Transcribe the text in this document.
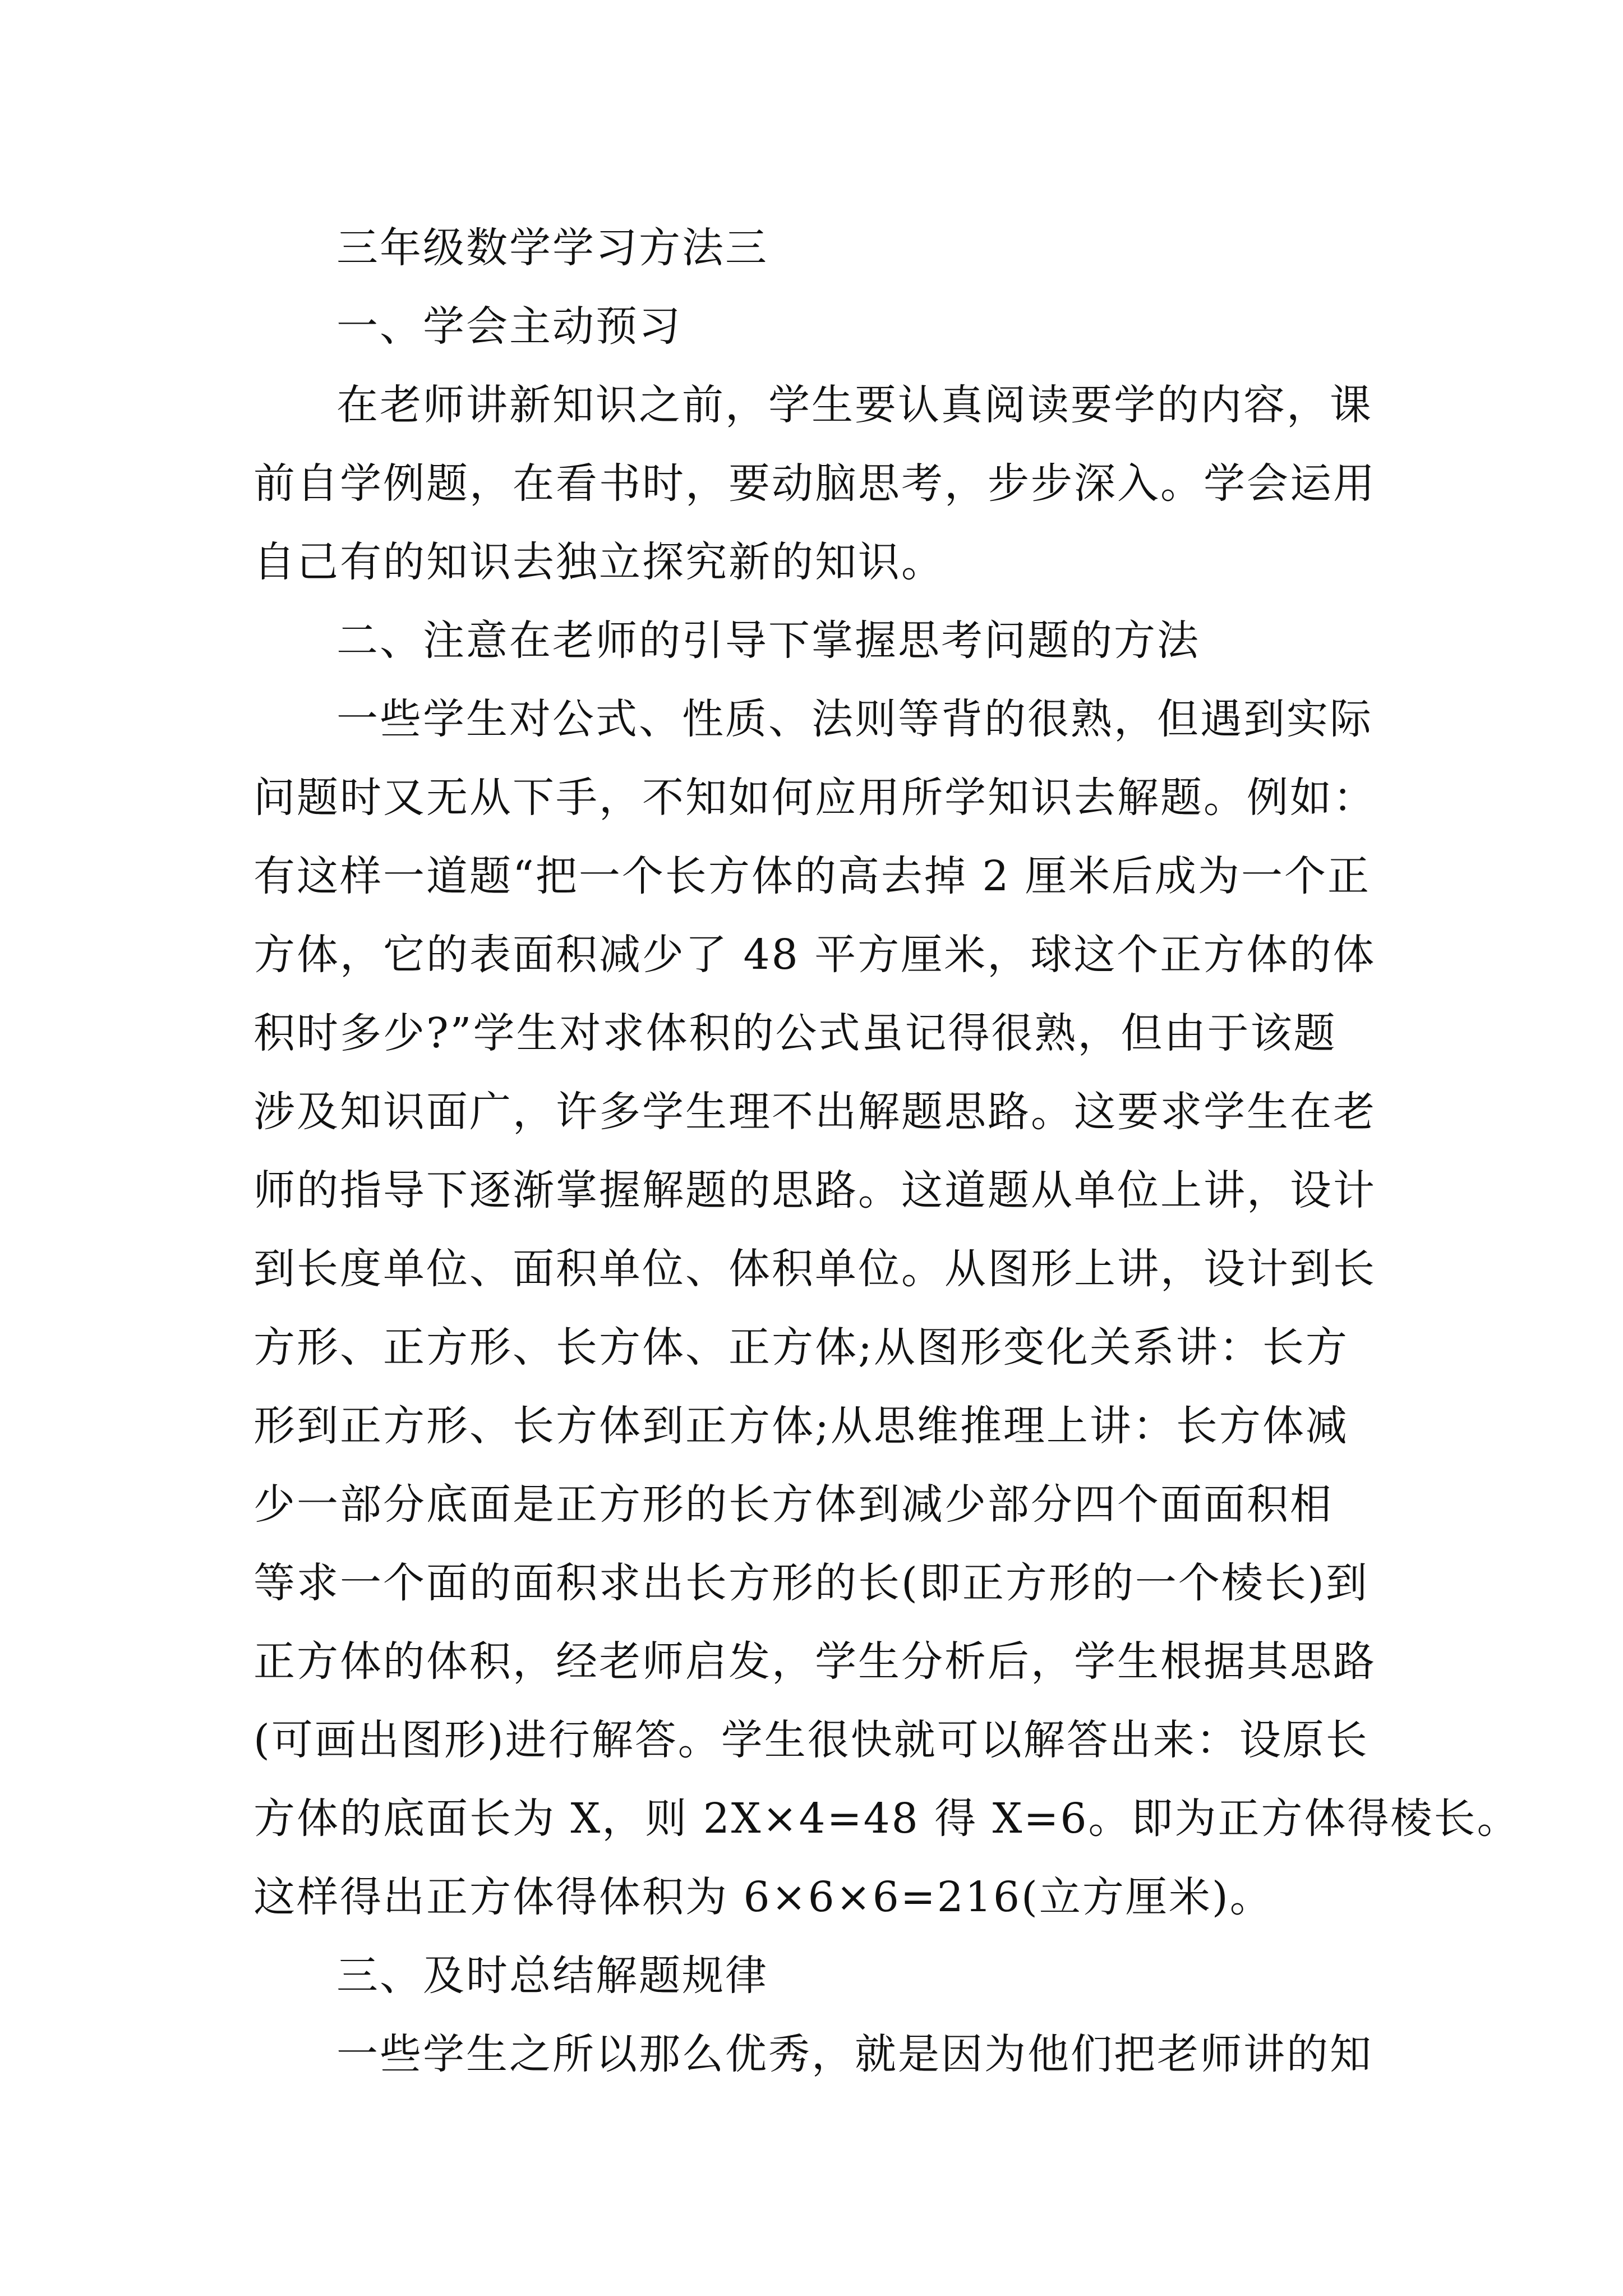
三年级数学学习方法三
一、学会主动预习
在老师讲新知识之前，学生要认真阅读要学的内容，课
前自学例题，在看书时，要动脑思考，步步深入。学会运用
自己有的知识去独立探究新的知识。
二、注意在老师的引导下掌握思考问题的方法
一些学生对公式、性质、法则等背的很熟，但遇到实际
问题时又无从下手，不知如何应用所学知识去解题。例如：
有这样一道题“把一个长方体的高去掉 2 厘米后成为一个正
方体，它的表面积减少了 48 平方厘米，球这个正方体的体
积时多少?”学生对求体积的公式虽记得很熟，但由于该题
涉及知识面广，许多学生理不出解题思路。这要求学生在老
师的指导下逐渐掌握解题的思路。这道题从单位上讲，设计
到长度单位、面积单位、体积单位。从图形上讲，设计到长
方形、正方形、长方体、正方体;从图形变化关系讲：长方
形到正方形、长方体到正方体;从思维推理上讲：长方体减
少一部分底面是正方形的长方体到减少部分四个面面积相
等求一个面的面积求出长方形的长(即正方形的一个棱长)到
正方体的体积，经老师启发，学生分析后，学生根据其思路
(可画出图形)进行解答。学生很快就可以解答出来：设原长
方体的底面长为 X，则 2X×4=48 得 X=6。即为正方体得棱长。
这样得出正方体得体积为 6×6×6=216(立方厘米)。
三、及时总结解题规律
一些学生之所以那么优秀，就是因为他们把老师讲的知
